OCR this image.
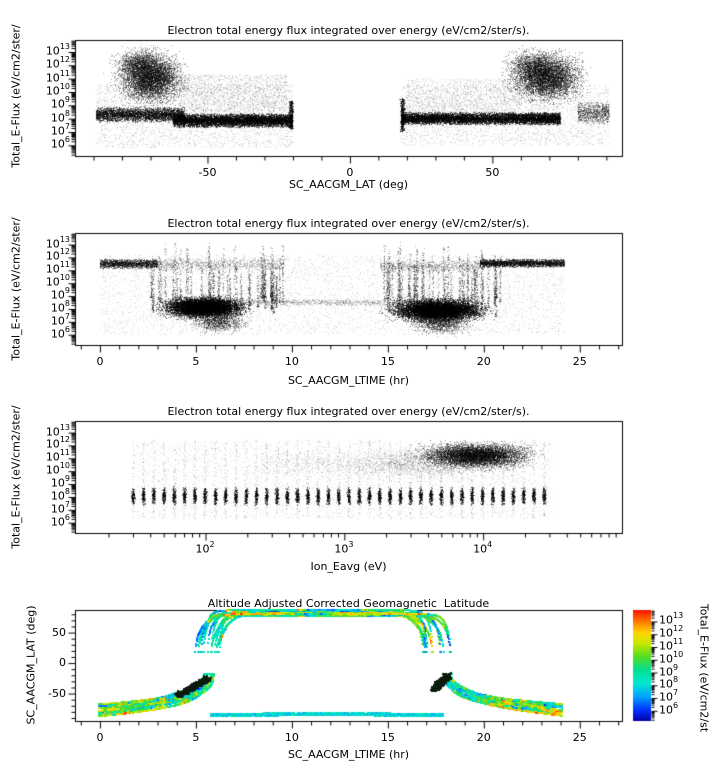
Electron total energy flux integrated over energy (eV/cm2/ster/s).
Electron total energy flux integrated over energy (eV/cm2/ster/s).
Electron total energy flux integrated over energy (eV/cm2/ster/s).
Altitude Adjusted Corrected Geomagnetic  Latitude
SC_AACGM_LAT (deg)
SC_AACGM_LTIME (hr)
Ion_Eavg (eV)
SC_AACGM_LTIME (hr)
Total_E-Flux (eV/cm2/ster/
Total_E-Flux (eV/cm2/ster/
Total_E-Flux (eV/cm2/ster/
SC_AACGM_LAT (deg)	Total_E-Flux (eV/cm2/st
-50	0	50
$10^6$
$10^7$
$10^8$
$10^9$
$10^{10}$
$10^{11}$
$10^{12}$
$10^{13}$
0	5	10	15	20	25
$10^6$
$10^7$
$10^8$
$10^9$
$10^{10}$
$10^{11}$
$10^{12}$
$10^{13}$
$10^2$	$10^3$	$10^4$
$10^6$
$10^7$
$10^8$
$10^9$
$10^{10}$
$10^{11}$
$10^{12}$
$10^{13}$
0	5	10	15	20	25
-50
0
50
$10^6$
$10^7$
$10^8$
$10^9$
$10^{10}$
$10^{11}$
$10^{12}$
$10^{13}$
